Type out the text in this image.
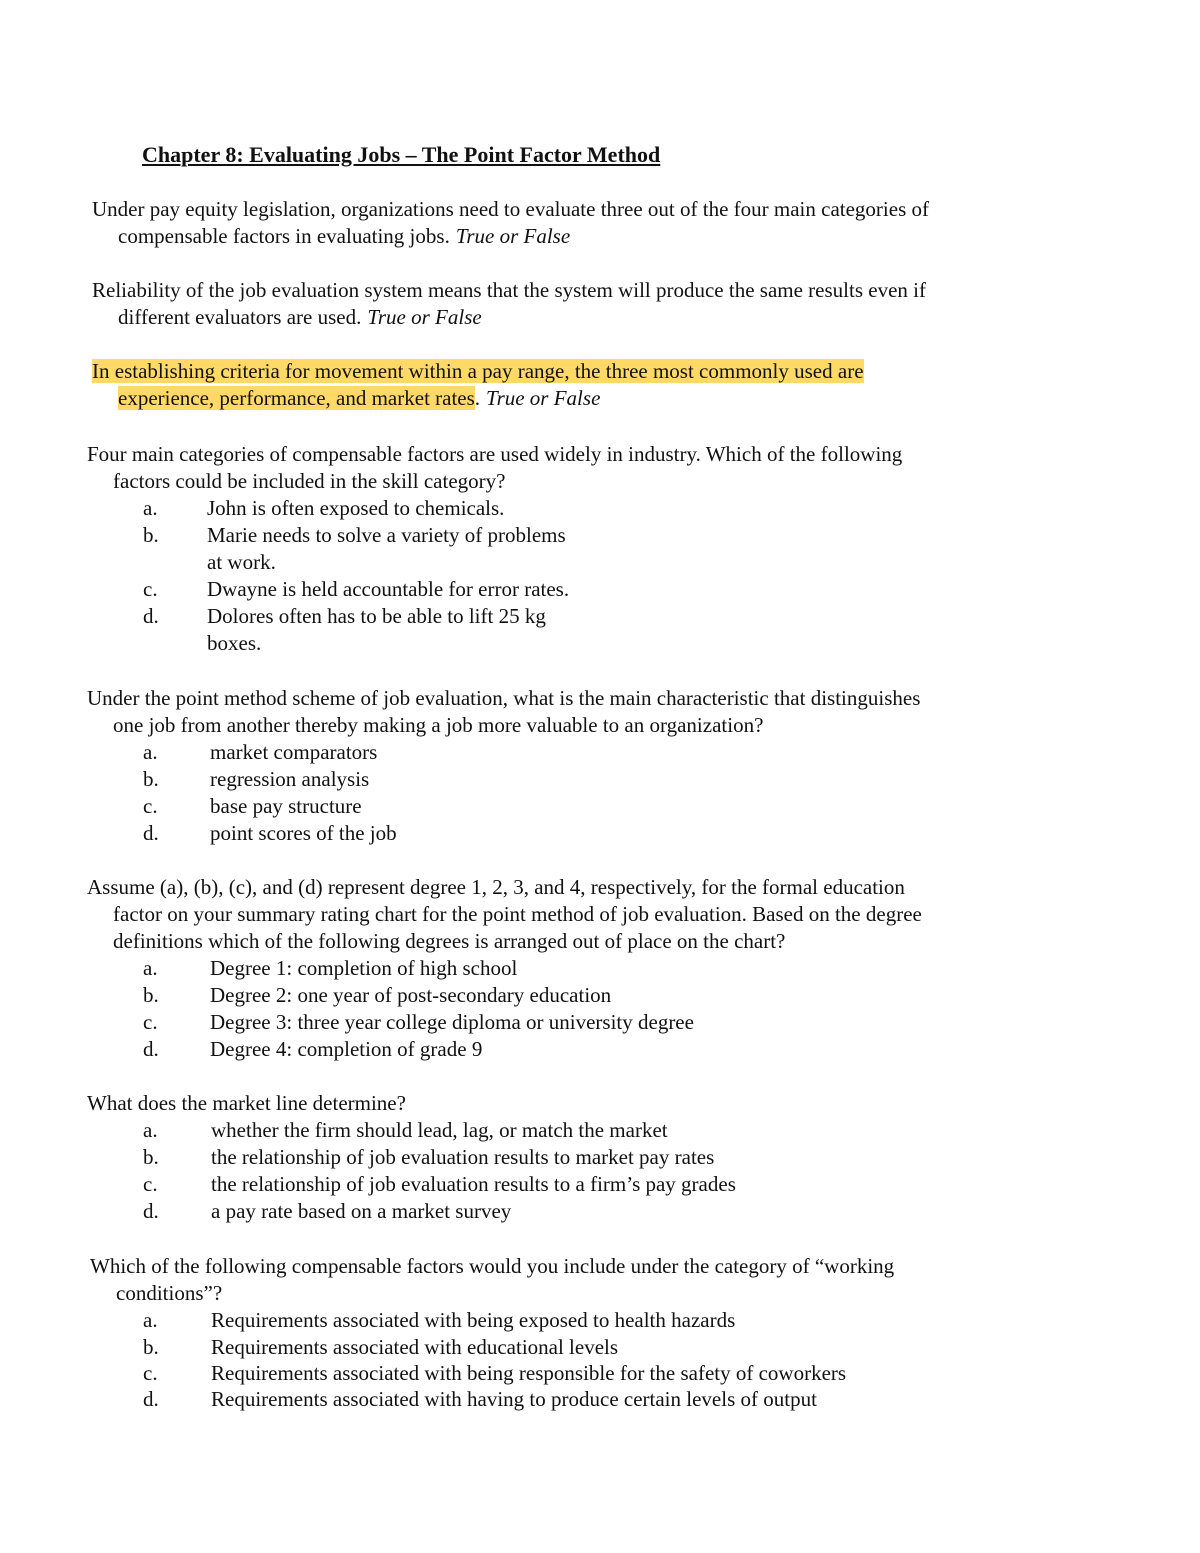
Chapter 8: Evaluating Jobs – The Point Factor Method
Under pay equity legislation, organizations need to evaluate three out of the four main categories of
compensable factors in evaluating jobs. True or False
Reliability of the job evaluation system means that the system will produce the same results even if
different evaluators are used. True or False
In establishing criteria for movement within a pay range, the three most commonly used are
experience, performance, and market rates. True or False
Four main categories of compensable factors are used widely in industry. Which of the following
factors could be included in the skill category?
a. John is often exposed to chemicals.
b. Marie needs to solve a variety of problems
at work.
c. Dwayne is held accountable for error rates.
d. Dolores often has to be able to lift 25 kg
boxes.
Under the point method scheme of job evaluation, what is the main characteristic that distinguishes
one job from another thereby making a job more valuable to an organization?
a. market comparators
b. regression analysis
c. base pay structure
d. point scores of the job
Assume (a), (b), (c), and (d) represent degree 1, 2, 3, and 4, respectively, for the formal education
factor on your summary rating chart for the point method of job evaluation. Based on the degree
definitions which of the following degrees is arranged out of place on the chart?
a. Degree 1: completion of high school
b. Degree 2: one year of post-secondary education
c. Degree 3: three year college diploma or university degree
d. Degree 4: completion of grade 9
What does the market line determine?
a.	whether the firm should lead, lag, or match the market
b. the relationship of job evaluation results to market pay rates
c.	the relationship of job evaluation results to a firm’s pay grades
d. a pay rate based on a market survey
Which of the following compensable factors would you include under the category of “working
conditions”?
a.	Requirements associated with being exposed to health hazards
b. Requirements associated with educational levels
c.	Requirements associated with being responsible for the safety of coworkers
d. Requirements associated with having to produce certain levels of output
